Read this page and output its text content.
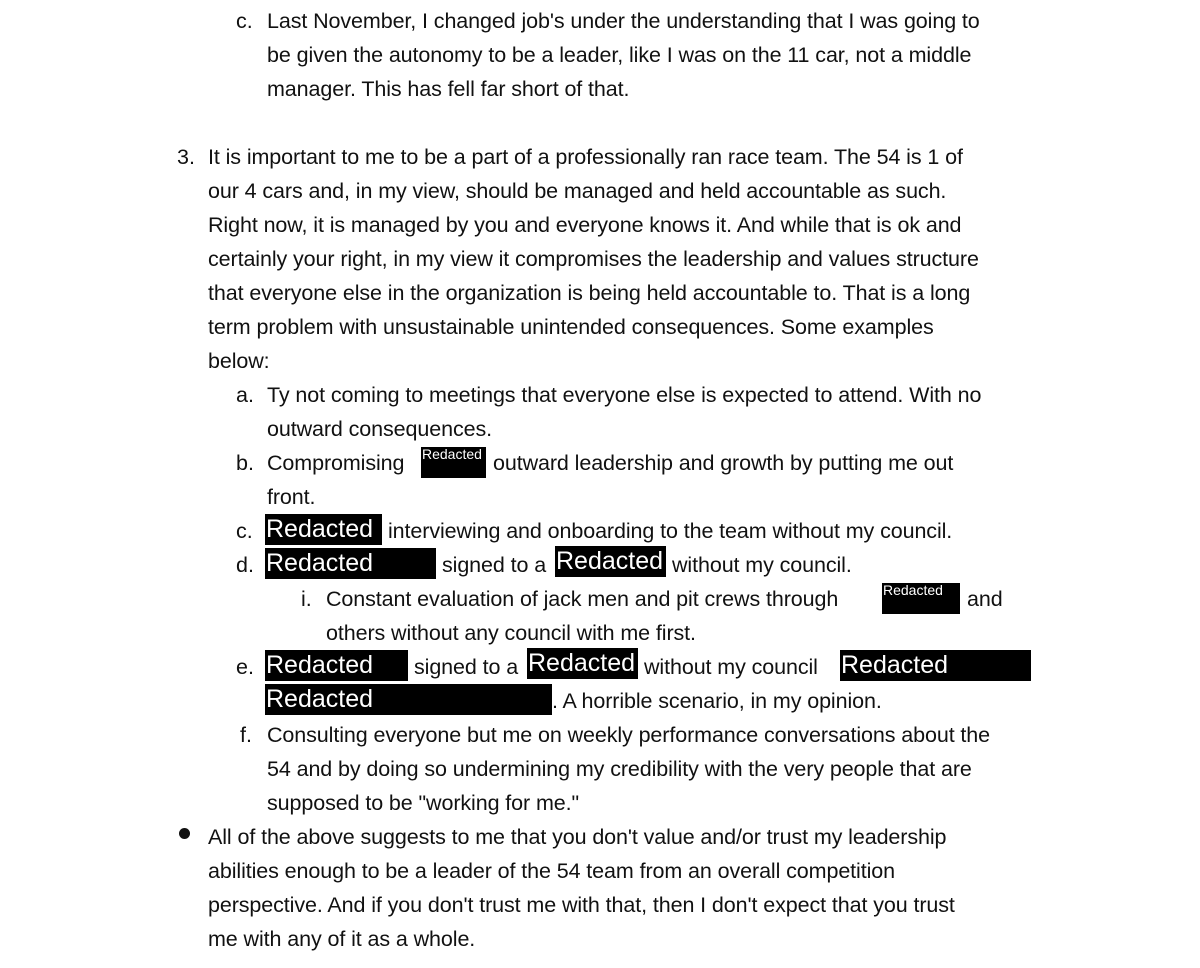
c. Last November, I changed job's under the understanding that I was going to
be given the autonomy to be a leader, like I was on the 11 car, not a middle
manager. This has fell far short of that.
3. It is important to me to be a part of a professionally ran race team. The 54 is 1 of
our 4 cars and, in my view, should be managed and held accountable as such.
Right now, it is managed by you and everyone knows it. And while that is ok and
certainly your right, in my view it compromises the leadership and values structure
that everyone else in the organization is being held accountable to. That is a long
term problem with unsustainable unintended consequences. Some examples
below:
a. Ty not coming to meetings that everyone else is expected to attend. With no
outward consequences.
b. Compromising Redacted outward leadership and growth by putting me out
front.
c. Redacted interviewing and onboarding to the team without my council.
d. Redacted	signed to a Redacted without my council.
i. Constant evaluation of jack men and pit crews through	Redacted	and
others without any council with me first.
e. Redacted	signed to a Redacted without my council Redacted
Redacted	. A horrible scenario, in my opinion.
f. Consulting everyone but me on weekly performance conversations about the
54 and by doing so undermining my credibility with the very people that are
supposed to be "working for me."
All of the above suggests to me that you don't value and/or trust my leadership
abilities enough to be a leader of the 54 team from an overall competition
perspective. And if you don't trust me with that, then I don't expect that you trust
me with any of it as a whole.
